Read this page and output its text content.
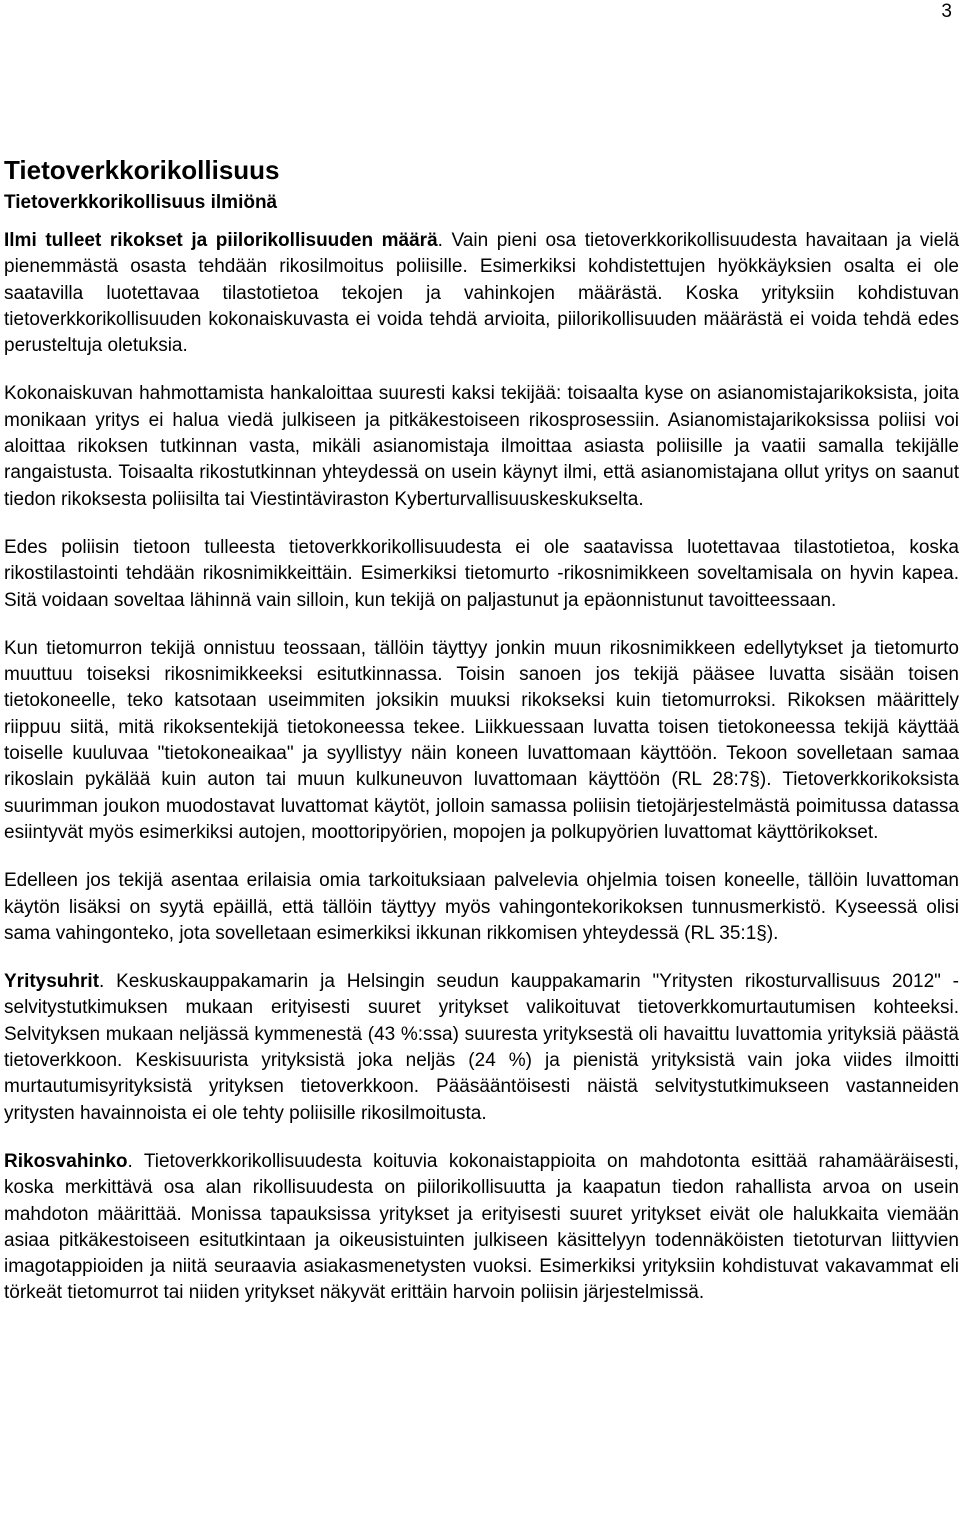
3
Tietoverkkorikollisuus
Tietoverkkorikollisuus ilmiönä

Ilmi tulleet rikokset ja piilorikollisuuden määrä. Vain pieni osa tietoverkkorikollisuudesta havaitaan ja vielä pienemmästä osasta tehdään rikosilmoitus poliisille. Esimerkiksi kohdistettujen hyökkäyksien osalta ei ole saatavilla luotettavaa tilastotietoa tekojen ja vahinkojen määrästä. Koska yrityksiin kohdistuvan tietoverkkorikollisuuden kokonaiskuvasta ei voida tehdä arvioita, piilorikollisuuden määrästä ei voida tehdä edes perusteltuja oletuksia.

Kokonaiskuvan hahmottamista hankaloittaa suuresti kaksi tekijää: toisaalta kyse on asianomistajarikoksista, joita monikaan yritys ei halua viedä julkiseen ja pitkäkestoiseen rikosprosessiin. Asianomistajarikoksissa poliisi voi aloittaa rikoksen tutkinnan vasta, mikäli asianomistaja ilmoittaa asiasta poliisille ja vaatii samalla tekijälle rangaistusta. Toisaalta rikostutkinnan yhteydessä on usein käynyt ilmi, että asianomistajana ollut yritys on saanut tiedon rikoksesta poliisilta tai Viestintäviraston Kyberturvallisuuskeskukselta.

Edes poliisin tietoon tulleesta tietoverkkorikollisuudesta ei ole saatavissa luotettavaa tilastotietoa, koska rikostilastointi tehdään rikosnimikkeittäin. Esimerkiksi tietomurto -rikosnimikkeen soveltamisala on hyvin kapea. Sitä voidaan soveltaa lähinnä vain silloin, kun tekijä on paljastunut ja epäonnistunut tavoitteessaan.

Kun tietomurron tekijä onnistuu teossaan, tällöin täyttyy jonkin muun rikosnimikkeen edellytykset ja tietomurto muuttuu toiseksi rikosnimikkeeksi esitutkinnassa. Toisin sanoen jos tekijä pääsee luvatta sisään toisen tietokoneelle, teko katsotaan useimmiten joksikin muuksi rikokseksi kuin tietomurroksi. Rikoksen määrittely riippuu siitä, mitä rikoksentekijä tietokoneessa tekee. Liikkuessaan luvatta toisen tietokoneessa tekijä käyttää toiselle kuuluvaa "tietokoneaikaa" ja syyllistyy näin koneen luvattomaan käyttöön. Tekoon sovelletaan samaa rikoslain pykälää kuin auton tai muun kulkuneuvon luvattomaan käyttöön (RL 28:7§). Tietoverkkorikoksista suurimman joukon muodostavat luvattomat käytöt, jolloin samassa poliisin tietojärjestelmästä poimitussa datassa esiintyvät myös esimerkiksi autojen, moottoripyörien, mopojen ja polkupyörien luvattomat käyttörikokset.

Edelleen jos tekijä asentaa erilaisia omia tarkoituksiaan palvelevia ohjelmia toisen koneelle, tällöin luvattoman käytön lisäksi on syytä epäillä, että tällöin täyttyy myös vahingontekorikoksen tunnusmerkistö. Kyseessä olisi sama vahingonteko, jota sovelletaan esimerkiksi ikkunan rikkomisen yhteydessä (RL 35:1§).

Yritysuhrit. Keskuskauppakamarin ja Helsingin seudun kauppakamarin "Yritysten rikosturvallisuus 2012" -selvitystutkimuksen mukaan erityisesti suuret yritykset valikoituvat tietoverkkomurtautumisen kohteeksi. Selvityksen mukaan neljässä kymmenestä (43 %:ssa) suuresta yrityksestä oli havaittu luvattomia yrityksiä päästä tietoverkkoon. Keskisuurista yrityksistä joka neljäs (24 %) ja pienistä yrityksistä vain joka viides ilmoitti murtautumisyrityksistä yrityksen tietoverkkoon. Pääsääntöisesti näistä selvitystutkimukseen vastanneiden yritysten havainnoista ei ole tehty poliisille rikosilmoitusta.

Rikosvahinko. Tietoverkkorikollisuudesta koituvia kokonaistappioita on mahdotonta esittää rahamääräisesti, koska merkittävä osa alan rikollisuudesta on piilorikollisuutta ja kaapatun tiedon rahallista arvoa on usein mahdoton määrittää. Monissa tapauksissa yritykset ja erityisesti suuret yritykset eivät ole halukkaita viemään asiaa pitkäkestoiseen esitutkintaan ja oikeusistuinten julkiseen käsittelyyn todennäköisten tietoturvan liittyvien imagotappioiden ja niitä seuraavia asiakasmenetysten vuoksi. Esimerkiksi yrityksiin kohdistuvat vakavammat eli törkeät tietomurrot tai niiden yritykset näkyvät erittäin harvoin poliisin järjestelmissä.
